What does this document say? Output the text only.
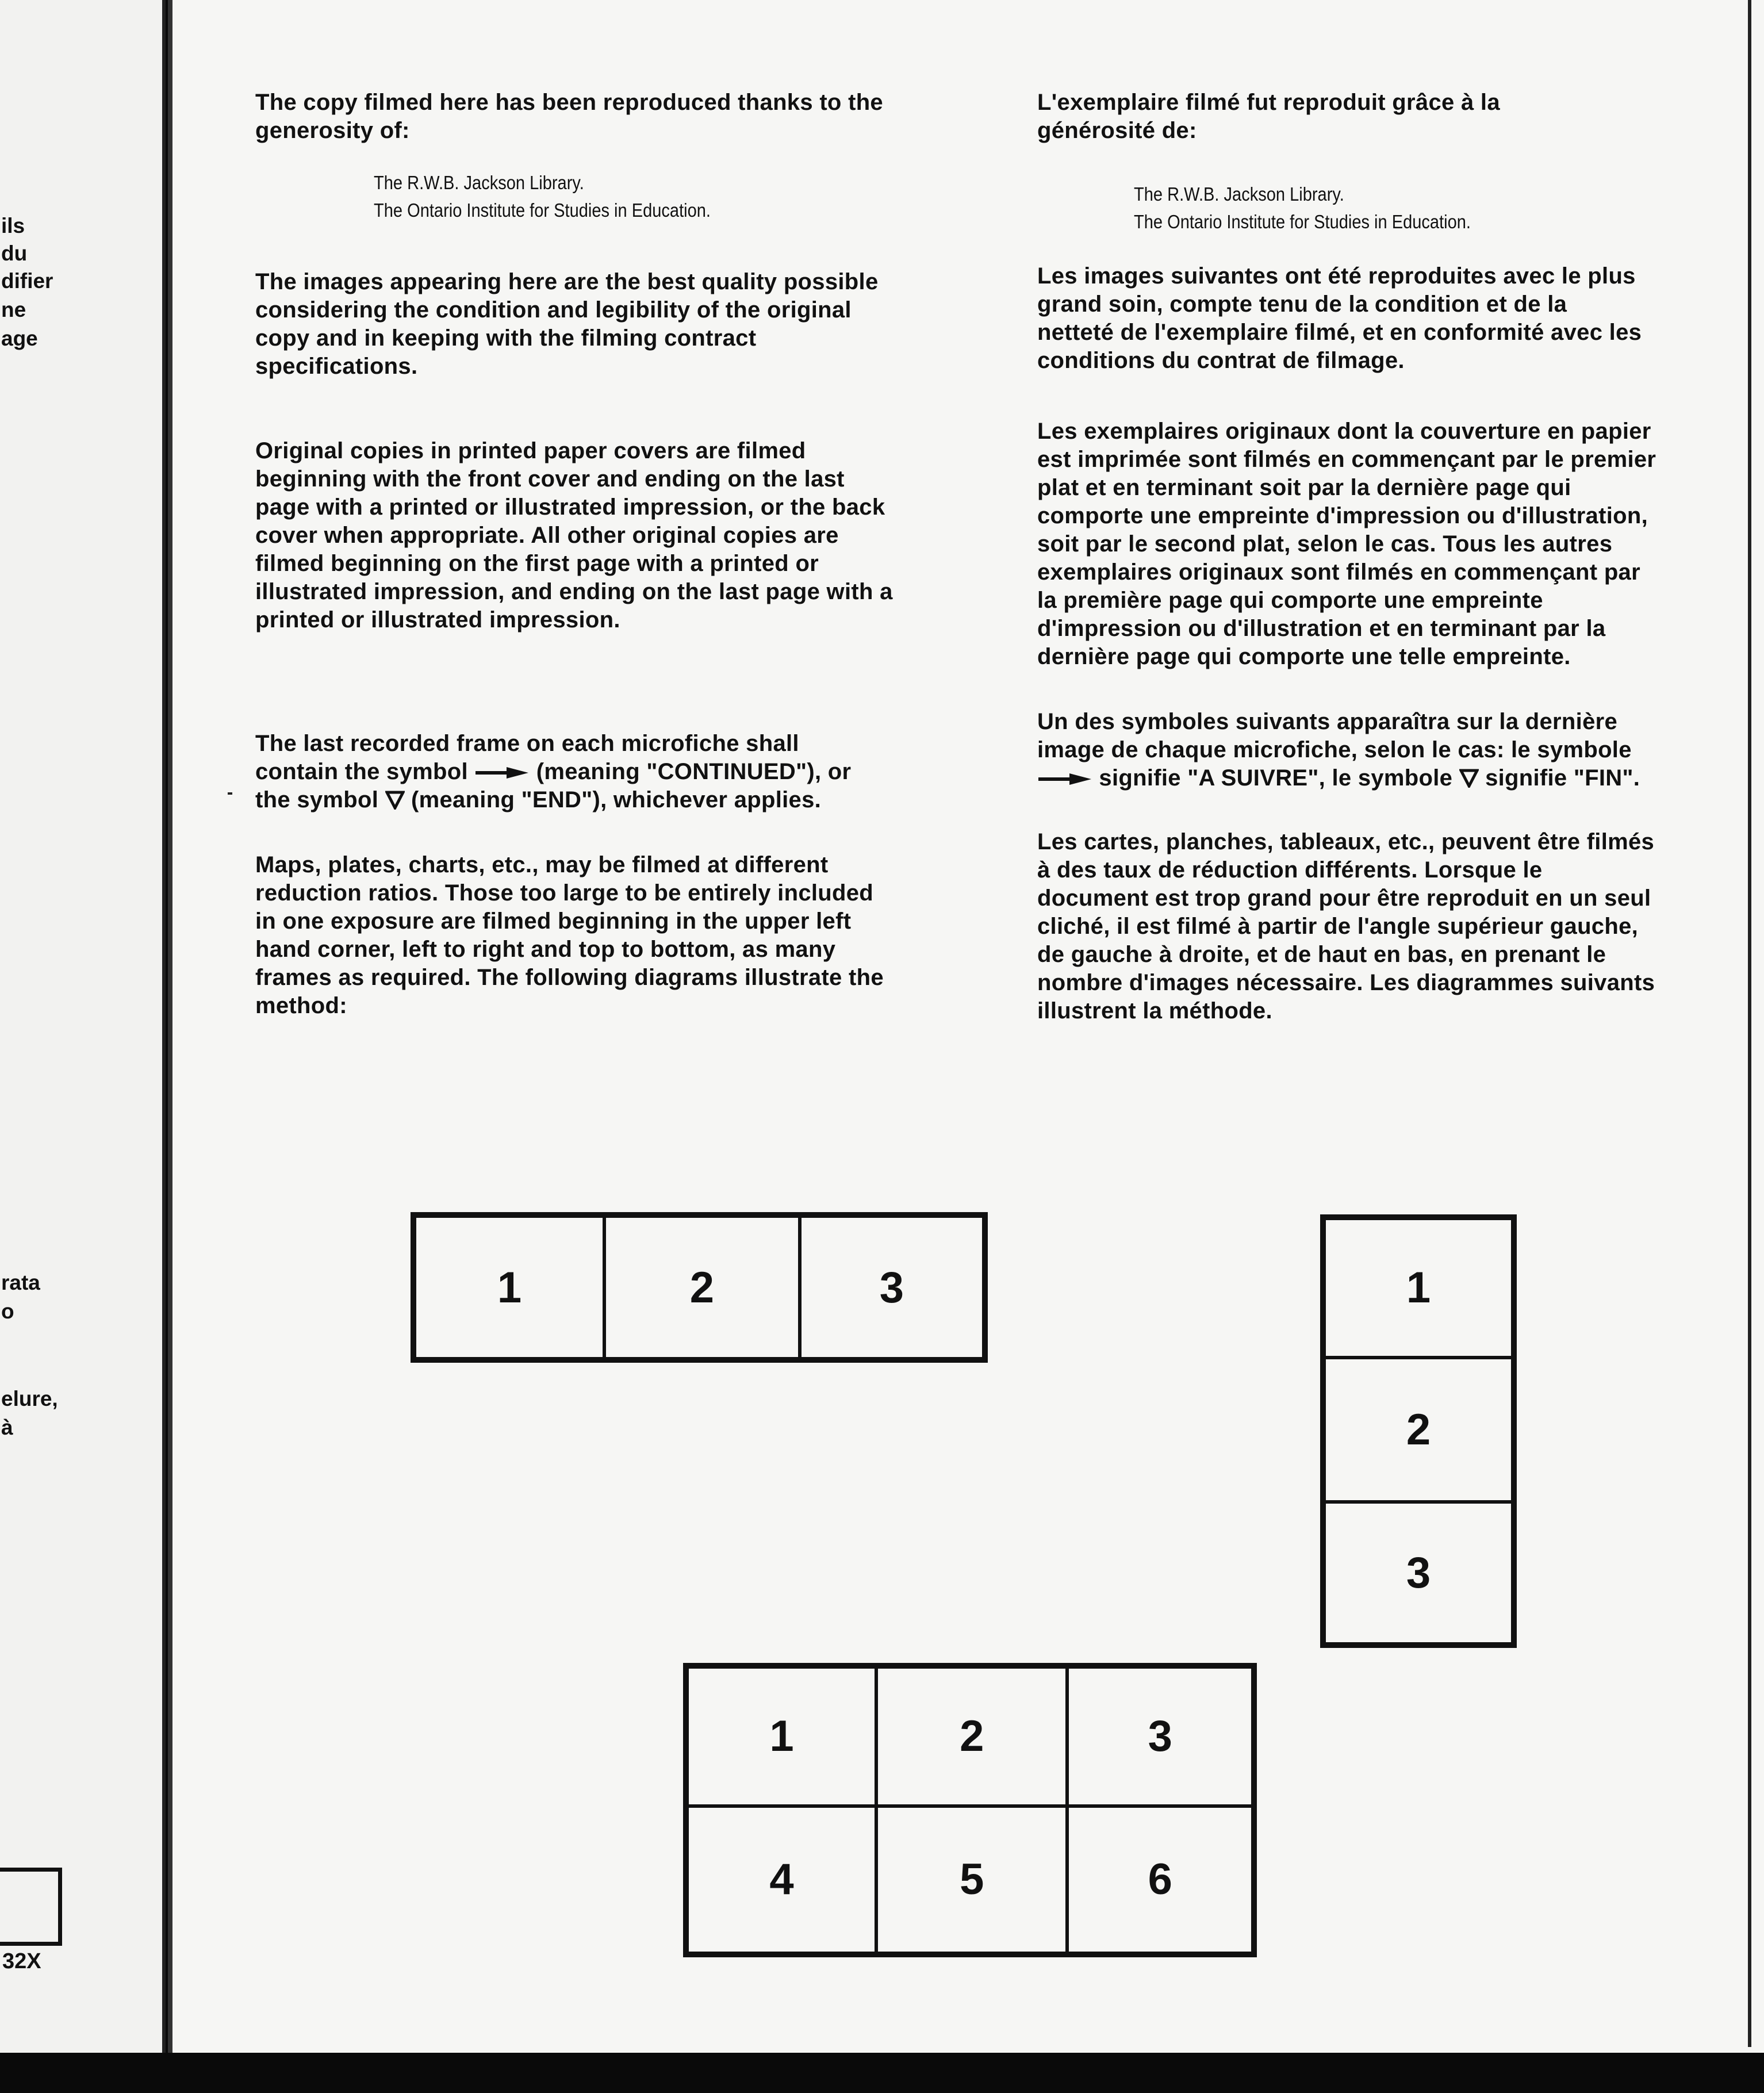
ils
du
difier
ne
age
rata
o
elure,
à
32X

The copy filmed here has been reproduced thanks to the generosity of:

The R.W.B. Jackson Library.
The Ontario Institute for Studies in Education.

The images appearing here are the best quality possible considering the condition and legibility of the original copy and in keeping with the filming contract specifications.

Original copies in printed paper covers are filmed beginning with the front cover and ending on the last page with a printed or illustrated impression, or the back cover when appropriate. All other original copies are filmed beginning on the first page with a printed or illustrated impression, and ending on the last page with a printed or illustrated impression.

The last recorded frame on each microfiche shall contain the symbol	(meaning "CONTINUED"), or the symbol (meaning "END"), whichever applies.

Maps, plates, charts, etc., may be filmed at different reduction ratios. Those too large to be entirely included in one exposure are filmed beginning in the upper left hand corner, left to right and top to bottom, as many frames as required. The following diagrams illustrate the method:

L'exemplaire filmé fut reproduit grâce à la générosité de:

The R.W.B. Jackson Library.
The Ontario Institute for Studies in Education.

Les images suivantes ont été reproduites avec le plus grand soin, compte tenu de la condition et de la netteté de l'exemplaire filmé, et en conformité avec les conditions du contrat de filmage.

Les exemplaires originaux dont la couverture en papier est imprimée sont filmés en commençant par le premier plat et en terminant soit par la dernière page qui comporte une empreinte d'impression ou d'illustration, soit par le second plat, selon le cas. Tous les autres exemplaires originaux sont filmés en commençant par la première page qui comporte une empreinte d'impression ou d'illustration et en terminant par la dernière page qui comporte une telle empreinte.

Un des symboles suivants apparaîtra sur la dernière image de chaque microfiche, selon le cas: le symbole  signifie "A SUIVRE", le symbole signifie "FIN".

Les cartes, planches, tableaux, etc., peuvent être filmés à des taux de réduction différents. Lorsque le document est trop grand pour être reproduit en un seul cliché, il est filmé à partir de l'angle supérieur gauche, de gauche à droite, et de haut en bas, en prenant le nombre d'images nécessaire. Les diagrammes suivants illustrent la méthode.

1	2	3	1
2
3
1	2	3
4	5	6
